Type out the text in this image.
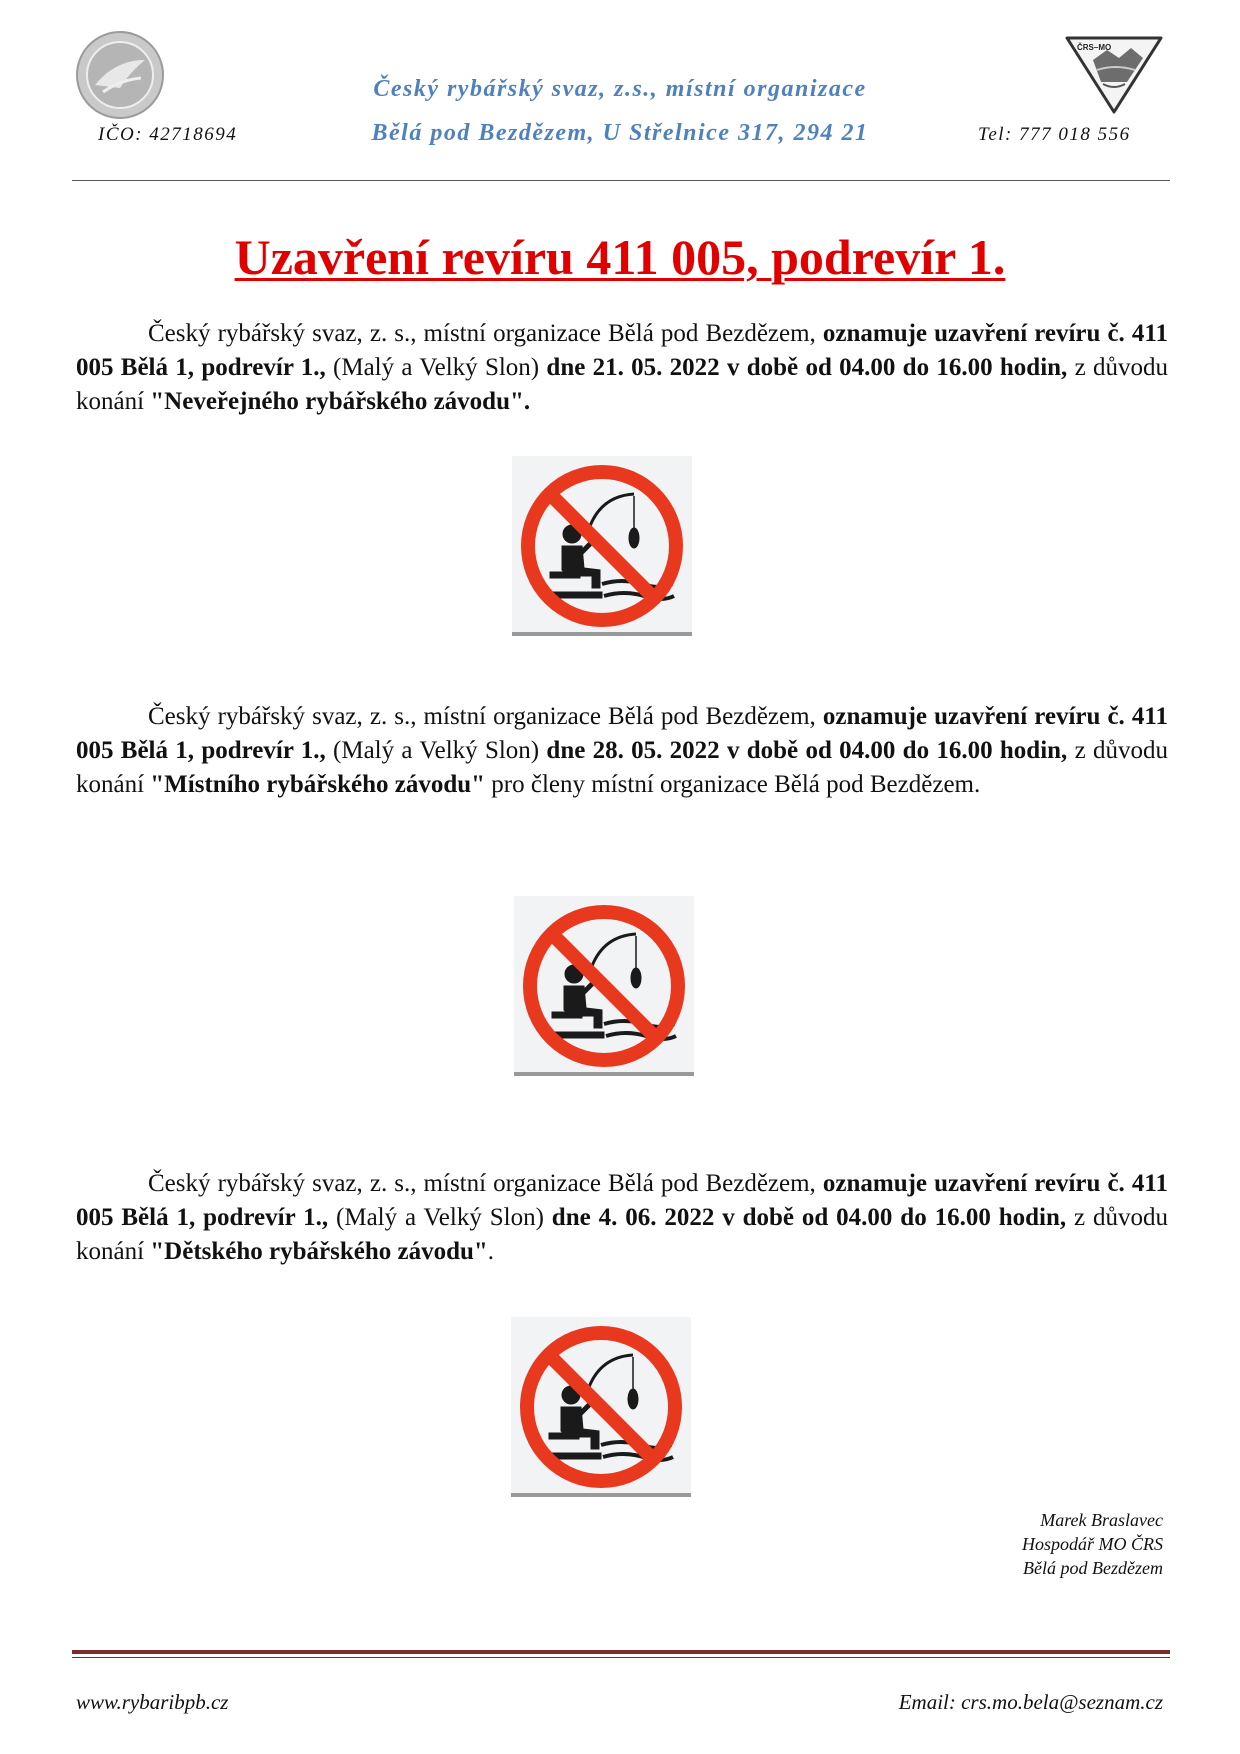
Český rybářský svaz, z.s., místní organizace
Bělá pod Bezdězem, U Střelnice 317, 294 21
IČO: 42718694	Tel: 777 018 556
ČRS–MO
Uzavření revíru 411 005, podrevír 1.
Český rybářský svaz, z. s., místní organizace Bělá pod Bezdězem, oznamuje uzavření revíru č. 411 005 Bělá 1, podrevír 1., (Malý a Velký Slon) dne 21. 05. 2022 v době od 04.00 do 16.00 hodin, z důvodu konání "Neveřejného rybářského závodu".
Český rybářský svaz, z. s., místní organizace Bělá pod Bezdězem, oznamuje uzavření revíru č. 411 005 Bělá 1, podrevír 1., (Malý a Velký Slon) dne 28. 05. 2022 v době od 04.00 do 16.00 hodin, z důvodu konání "Místního rybářského závodu" pro členy místní organizace Bělá pod Bezdězem.
Český rybářský svaz, z. s., místní organizace Bělá pod Bezdězem, oznamuje uzavření revíru č. 411 005 Bělá 1, podrevír 1., (Malý a Velký Slon) dne 4. 06. 2022 v době od 04.00 do 16.00 hodin, z důvodu konání "Dětského rybářského závodu".
Marek Braslavec
Hospodář MO ČRS
Bělá pod Bezdězem
www.rybaribpb.cz	Email: crs.mo.bela@seznam.cz
